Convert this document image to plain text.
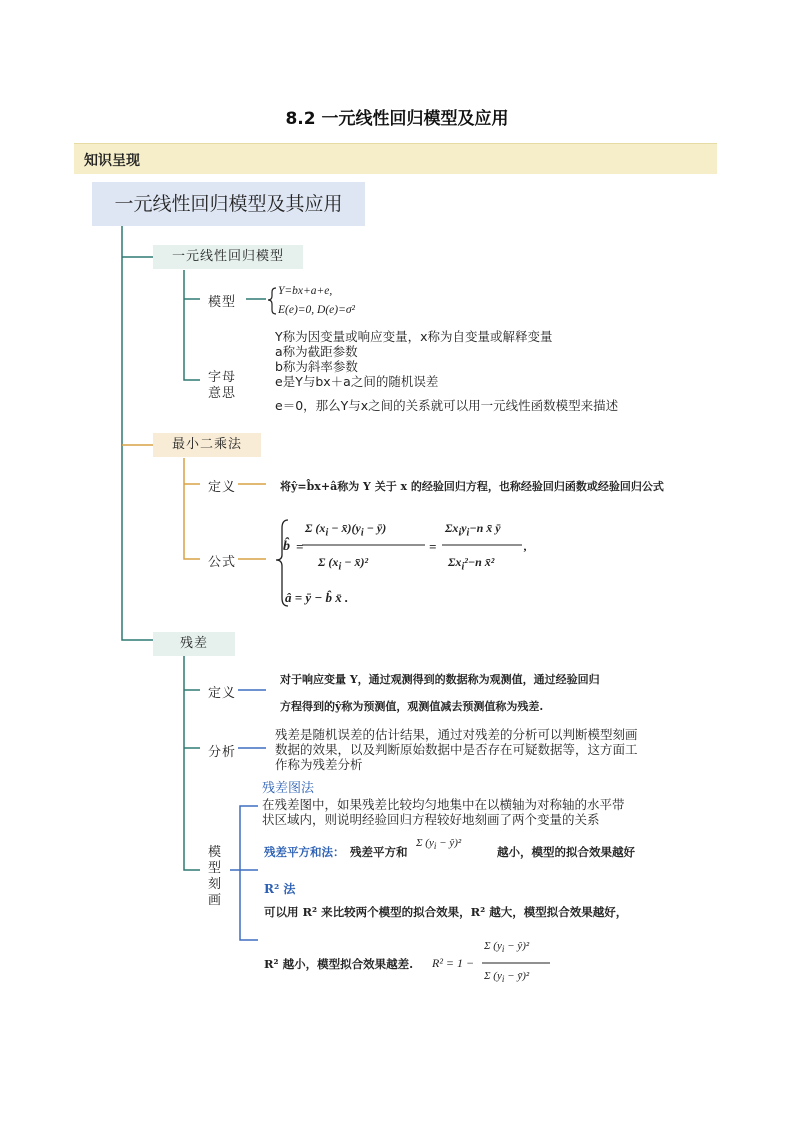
8.2 一元线性回归模型及应用
知识呈现
一元线性回归模型及其应用
一元线性回归模型
模型
Y=bx+a+e,
E(e)=0, D(e)=σ²
字母
意思
Y称为因变量或响应变量，x称为自变量或解释变量
a称为截距参数
b称为斜率参数
e是Y与bx＋a之间的随机误差
e＝0，那么Y与x之间的关系就可以用一元线性函数模型来描述
最小二乘法
定义	将ŷ=b̂x+â称为 Y 关于 x 的经验回归方程，也称经验回归函数或经验回归公式
公式
b̂ =
Σ ($x_i$ − $x̄)(y_i$ − ȳ)
Σ ($x_i$ − x̄)²
=
$\Sigma x_iy_i-n$ x̄ ȳ
$\Sigma x_i^2-n$ x̄²
,
â = ȳ − b̂ x̄ .
残差
定义
对于响应变量 Y，通过观测得到的数据称为观测值，通过经验回归
方程得到的ŷ称为预测值，观测值减去预测值称为残差.
分析
残差是随机误差的估计结果，通过对残差的分析可以判断模型刻画
数据的效果，以及判断原始数据中是否存在可疑数据等，这方面工
作称为残差分析
模
型
刻
画
残差图法
在残差图中，如果残差比较均匀地集中在以横轴为对称轴的水平带
状区域内，则说明经验回归方程较好地刻画了两个变量的关系
残差平方和法： 残差平方和
Σ ($y_i$ − ŷ)²
越小，模型的拟合效果越好
R² 法
可以用 R² 来比较两个模型的拟合效果，R² 越大，模型拟合效果越好，
R² 越小，模型拟合效果越差. R² = 1 −
Σ ($y_i$ − ŷ)²
Σ ($y_i$ − ȳ)²
